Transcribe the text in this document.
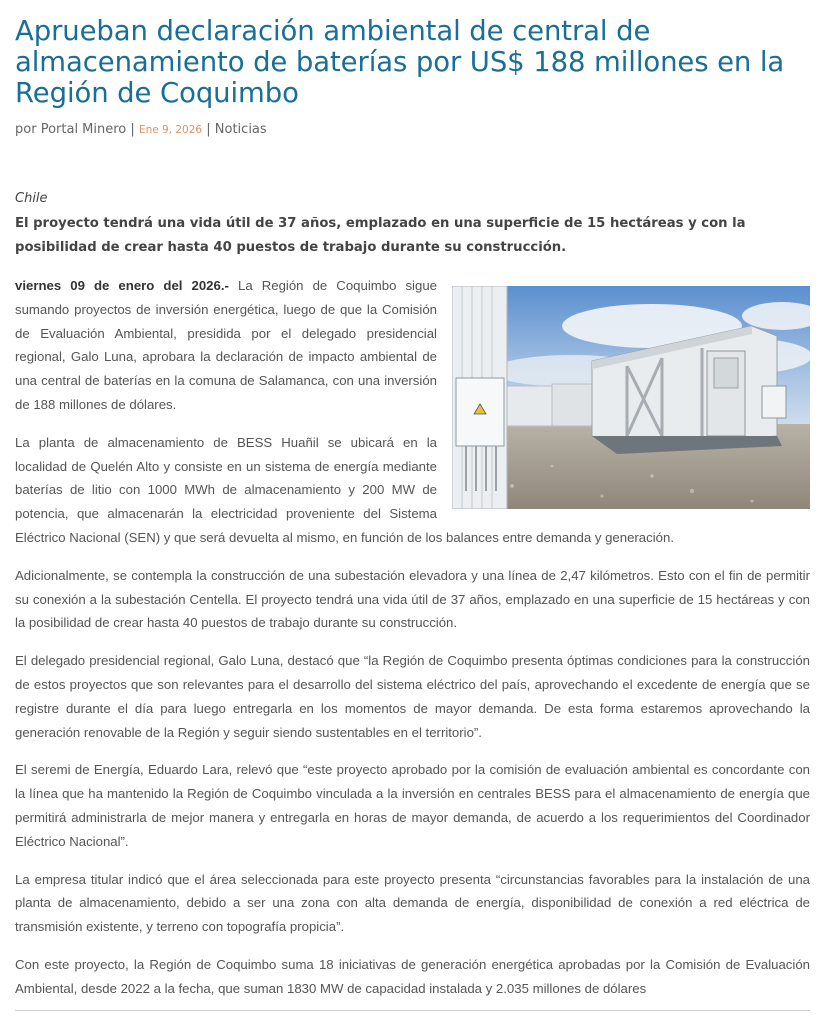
Aprueban declaración ambiental de central de almacenamiento de baterías por US$ 188 millones en la Región de Coquimbo
por Portal Minero | Ene 9, 2026 | Noticias
Chile
El proyecto tendrá una vida útil de 37 años, emplazado en una superficie de 15 hectáreas y con la posibilidad de crear hasta 40 puestos de trabajo durante su construcción.

viernes 09 de enero del 2026.- La Región de Coquimbo sigue sumando proyectos de inversión energética, luego de que la Comisión de Evaluación Ambiental, presidida por el delegado presidencial regional, Galo Luna, aprobara la declaración de impacto ambiental de una central de baterías en la comuna de Salamanca, con una inversión de 188 millones de dólares.

La planta de almacenamiento de BESS Huañil se ubicará en la localidad de Quelén Alto y consiste en un sistema de energía mediante baterías de litio con 1000 MWh de almacenamiento y 200 MW de potencia, que almacenarán la electricidad proveniente del Sistema Eléctrico Nacional (SEN) y que será devuelta al mismo, en función de los balances entre demanda y generación.

Adicionalmente, se contempla la construcción de una subestación elevadora y una línea de 2,47 kilómetros. Esto con el fin de permitir su conexión a la subestación Centella. El proyecto tendrá una vida útil de 37 años, emplazado en una superficie de 15 hectáreas y con la posibilidad de crear hasta 40 puestos de trabajo durante su construcción.

El delegado presidencial regional, Galo Luna, destacó que “la Región de Coquimbo presenta óptimas condiciones para la construcción de estos proyectos que son relevantes para el desarrollo del sistema eléctrico del país, aprovechando el excedente de energía que se registre durante el día para luego entregarla en los momentos de mayor demanda. De esta forma estaremos aprovechando la generación renovable de la Región y seguir siendo sustentables en el territorio”.

El seremi de Energía, Eduardo Lara, relevó que “este proyecto aprobado por la comisión de evaluación ambiental es concordante con la línea que ha mantenido la Región de Coquimbo vinculada a la inversión en centrales BESS para el almacenamiento de energía que permitirá administrarla de mejor manera y entregarla en horas de mayor demanda, de acuerdo a los requerimientos del Coordinador Eléctrico Nacional”.

La empresa titular indicó que el área seleccionada para este proyecto presenta “circunstancias favorables para la instalación de una planta de almacenamiento, debido a ser una zona con alta demanda de energía, disponibilidad de conexión a red eléctrica de transmisión existente, y terreno con topografía propicia”.

Con este proyecto, la Región de Coquimbo suma 18 iniciativas de generación energética aprobadas por la Comisión de Evaluación Ambiental, desde 2022 a la fecha, que suman 1830 MW de capacidad instalada y 2.035 millones de dólares
